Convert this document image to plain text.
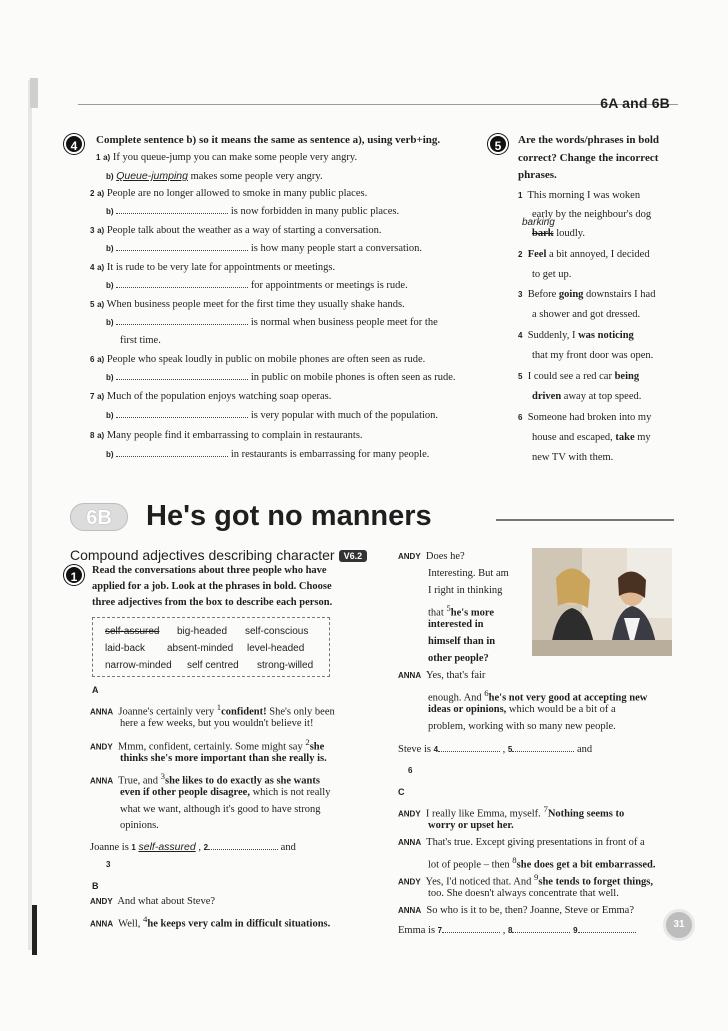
6A and 6B
4	Complete sentence b) so it means the same as sentence a), using verb+ing.
1 a) If you queue-jump you can make some people very angry.
b) Queue-jumping makes some people very angry.
2 a) People are no longer allowed to smoke in many public places.
b)	is now forbidden in many public places.
3 a) People talk about the weather as a way of starting a conversation.
b)	is how many people start a conversation.
4 a) It is rude to be very late for appointments or meetings.
b)	for appointments or meetings is rude.
5 a) When business people meet for the first time they usually shake hands.
b)	is normal when business people meet for the
first time.
6 a) People who speak loudly in public on mobile phones are often seen as rude.
b)	in public on mobile phones is often seen as rude.
7 a) Much of the population enjoys watching soap operas.
b)	is very popular with much of the population.
8 a) Many people find it embarrassing to complain in restaurants.
b)	in restaurants is embarrassing for many people.
5	Are the words/phrases in bold
correct? Change the incorrect
phrases.
1 This morning I was woken
early by the neighbour's dog
barking
bark loudly.
2 Feel a bit annoyed, I decided
to get up.
3 Before going downstairs I had
a shower and got dressed.
4 Suddenly, I was noticing
that my front door was open.
5 I could see a red car being
driven away at top speed.
6 Someone had broken into my
house and escaped, take my
new TV with them.
6B	He's got no manners
Compound adjectives describing character V6.2
1	Read the conversations about three people who have
applied for a job. Look at the phrases in bold. Choose
three adjectives from the box to describe each person.
self-assured big-headed self-conscious
laid-back absent-minded level-headed
narrow-minded self centred strong-willed
A
ANNA Joanne's certainly very $^1$confident! She's only been
here a few weeks, but you wouldn't believe it!
ANDY Mmm, confident, certainly. Some might say $^2$she
thinks she's more important than she really is.
ANNA True, and $^3$she likes to do exactly as she wants
even if other people disagree, which is not really
what we want, although it's good to have strong
opinions.
Joanne is 1 self-assured , 2	and
3
B
ANDY And what about Steve?
ANNA Well, $^4$he keeps very calm in difficult situations.
ANDY Does he?
Interesting. But am
I right in thinking
that $^5$he's more
interested in
himself than in
other people?
ANNA Yes, that's fair
enough. And $^6$he's not very good at accepting new
ideas or opinions, which would be a bit of a
problem, working with so many new people.
Steve is 4	, 5	and
6
C
ANDY I really like Emma, myself. $^7$Nothing seems to
worry or upset her.
ANNA That's true. Except giving presentations in front of a
lot of people – then $^8$she does get a bit embarrassed.
ANDY Yes, I'd noticed that. And $^9$she tends to forget things,
too. She doesn't always concentrate that well.
ANNA So who is it to be, then? Joanne, Steve or Emma?
Emma is 7	, 8	9
31
